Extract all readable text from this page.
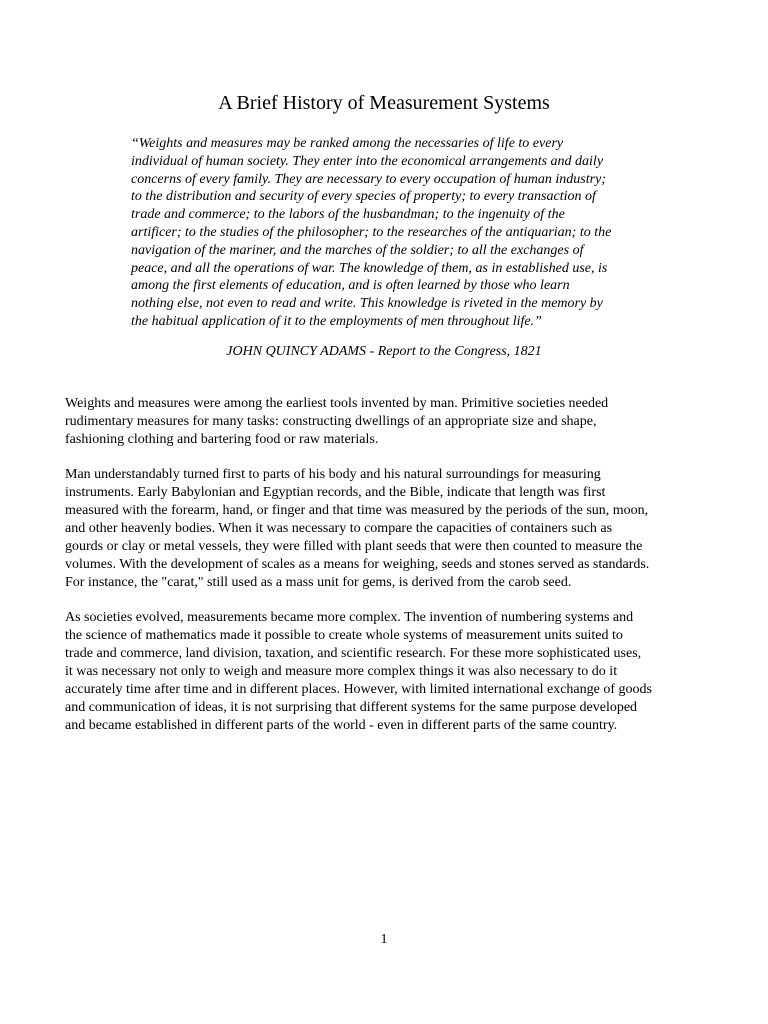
A Brief History of Measurement Systems
“Weights and measures may be ranked among the necessaries of life to every
individual of human society. They enter into the economical arrangements and daily
concerns of every family. They are necessary to every occupation of human industry;
to the distribution and security of every species of property; to every transaction of
trade and commerce; to the labors of the husbandman; to the ingenuity of the
artificer; to the studies of the philosopher; to the researches of the antiquarian; to the
navigation of the mariner, and the marches of the soldier; to all the exchanges of
peace, and all the operations of war. The knowledge of them, as in established use, is
among the first elements of education, and is often learned by those who learn
nothing else, not even to read and write. This knowledge is riveted in the memory by
the habitual application of it to the employments of men throughout life.”

JOHN QUINCY ADAMS - Report to the Congress, 1821

Weights and measures were among the earliest tools invented by man. Primitive societies needed
rudimentary measures for many tasks: constructing dwellings of an appropriate size and shape,
fashioning clothing and bartering food or raw materials.
Man understandably turned first to parts of his body and his natural surroundings for measuring
instruments. Early Babylonian and Egyptian records, and the Bible, indicate that length was first
measured with the forearm, hand, or finger and that time was measured by the periods of the sun, moon,
and other heavenly bodies. When it was necessary to compare the capacities of containers such as
gourds or clay or metal vessels, they were filled with plant seeds that were then counted to measure the
volumes. With the development of scales as a means for weighing, seeds and stones served as standards.
For instance, the "carat," still used as a mass unit for gems, is derived from the carob seed.
As societies evolved, measurements became more complex. The invention of numbering systems and
the science of mathematics made it possible to create whole systems of measurement units suited to
trade and commerce, land division, taxation, and scientific research. For these more sophisticated uses,
it was necessary not only to weigh and measure more complex things it was also necessary to do it
accurately time after time and in different places. However, with limited international exchange of goods
and communication of ideas, it is not surprising that different systems for the same purpose developed
and became established in different parts of the world - even in different parts of the same country.

1
